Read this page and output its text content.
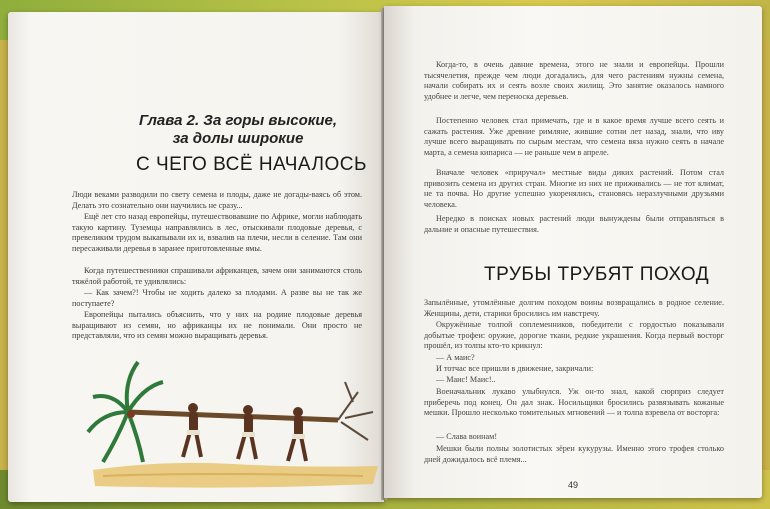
Глава 2. За горы высокие,
за долы широкие
С ЧЕГО ВСЁ НАЧАЛОСЬ

Люди веками разводили по свету семена и плоды, даже не догады-ваясь об этом. Делать это сознательно они научились не сразу...

Ещё лет сто назад европейцы, путешествовавшие по Африке, могли наблюдать такую картину. Туземцы направлялись в лес, отыскивали плодовые деревья, с превеликим трудом выкапывали их и, взвалив на плечи, несли в селение. Там они пересаживали деревья в заранее приготовленные ямы.

Когда путешественники спрашивали африканцев, зачем они занимаются столь тяжёлой работой, те удивлялись:

— Как зачем?! Чтобы не ходить далеко за плодами. А разве вы не так же поступаете?

Европейцы пытались объяснить, что у них на родине плодовые деревья выращивают из семян, но африканцы их не понимали. Они просто не представляли, что из семян можно выращивать деревья.

Когда-то, в очень давние времена, этого не знали и европейцы. Прошли тысячелетия, прежде чем люди догадались, для чего растениям нужны семена, начали собирать их и сеять возле своих жилищ. Это занятие оказалось намного удобнее и легче, чем переноска деревьев.

Постепенно человек стал примечать, где и в какое время лучше всего сеять и сажать растения. Уже древние римляне, жившие сотни лет назад, знали, что иву лучше всего выращивать по сырым местам, что семена вяза нужно сеять в начале марта, а семена кипариса — не раньше чем в апреле.

Вначале человек «приручал» местные виды диких растений. Потом стал привозить семена из других стран. Многие из них не приживались — не тот климат, не та почва. Но другие успешно укоренялись, становясь неразлучными друзьями человека.

Нередко в поисках новых растений люди вынуждены были отправляться в дальние и опасные путешествия.

ТРУБЫ ТРУБЯТ ПОХОД

Запылённые, утомлённые долгим походом воины возвращались в родное селение. Женщины, дети, старики бросились им навстречу.

Окружённые толпой соплеменников, победители с гордостью показывали добытые трофеи: оружие, дорогие ткани, редкие украшения. Когда первый восторг прошёл, из толпы кто-то крикнул:

— А маис?

И тотчас все пришли в движение, закричали:

— Маис! Маис!..

Военачальник лукаво улыбнулся. Уж он-то знал, какой сюрприз следует приберечь под конец. Он дал знак. Носильщики бросились развязывать кожаные мешки. Прошло несколько томительных мгновений — и толпа взревела от восторга:

— Слава воинам!

Мешки были полны золотистых зёрен кукурузы. Именно этого трофея столько дней дожидалось всё племя...

49
